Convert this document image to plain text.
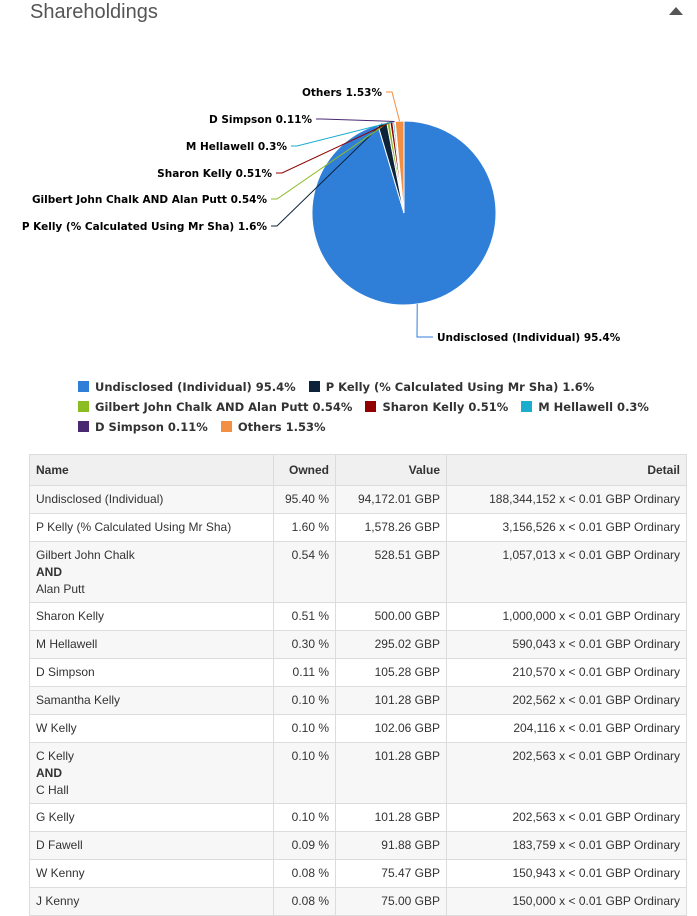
Shareholdings
Undisclosed (Individual) 95.4%
P Kelly (% Calculated Using Mr Sha) 1.6%
Gilbert John Chalk AND Alan Putt 0.54%
Sharon Kelly 0.51%
M Hellawell 0.3%
D Simpson 0.11%
Others 1.53%
Undisclosed (Individual) 95.4%	P Kelly (% Calculated Using Mr Sha) 1.6%
Gilbert John Chalk AND Alan Putt 0.54%	Sharon Kelly 0.51%	M Hellawell 0.3%
D Simpson 0.11%	Others 1.53%
Name	Owned	Value	Detail

Undisclosed (Individual)	95.40 %	94,172.01 GBP	188,344,152 x < 0.01 GBP Ordinary

P Kelly (% Calculated Using Mr Sha)	1.60 %	1,578.26 GBP	3,156,526 x < 0.01 GBP Ordinary

Gilbert John Chalk
AND
Alan Putt	0.54 %	528.51 GBP	1,057,013 x < 0.01 GBP Ordinary

Sharon Kelly	0.51 %	500.00 GBP	1,000,000 x < 0.01 GBP Ordinary

M Hellawell	0.30 %	295.02 GBP	590,043 x < 0.01 GBP Ordinary

D Simpson	0.11 %	105.28 GBP	210,570 x < 0.01 GBP Ordinary

Samantha Kelly	0.10 %	101.28 GBP	202,562 x < 0.01 GBP Ordinary

W Kelly	0.10 %	102.06 GBP	204,116 x < 0.01 GBP Ordinary

C Kelly
AND
C Hall	0.10 %	101.28 GBP	202,563 x < 0.01 GBP Ordinary

G Kelly	0.10 %	101.28 GBP	202,563 x < 0.01 GBP Ordinary

D Fawell	0.09 %	91.88 GBP	183,759 x < 0.01 GBP Ordinary

W Kenny	0.08 %	75.47 GBP	150,943 x < 0.01 GBP Ordinary

J Kenny	0.08 %	75.00 GBP	150,000 x < 0.01 GBP Ordinary
